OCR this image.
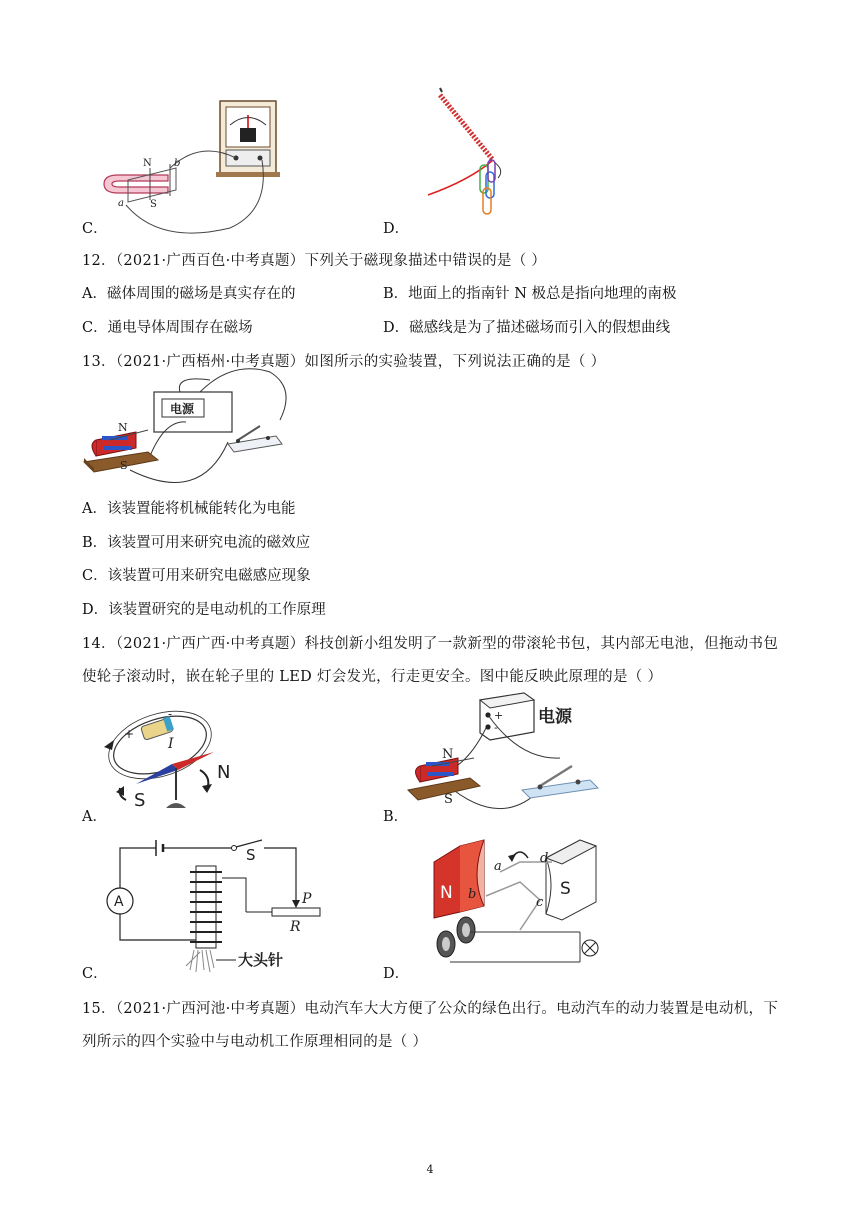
N b
S
a
C．	D．
12．（2021·广西百色·中考真题）下列关于磁现象描述中错误的是（ ）
A．磁体周围的磁场是真实存在的	B．地面上的指南针 N 极总是指向地理的南极
C．通电导体周围存在磁场	D．磁感线是为了描述磁场而引入的假想曲线
13．（2021·广西梧州·中考真题）如图所示的实验装置，下列说法正确的是（ ）
电源
N
S
A．该装置能将机械能转化为电能
B．该装置可用来研究电流的磁效应
C．该装置可用来研究电磁感应现象
D．该装置研究的是电动机的工作原理
14．（2021·广西广西·中考真题）科技创新小组发明了一款新型的带滚轮书包，其内部无电池，但拖动书包
使轮子滚动时，嵌在轮子里的 LED 灯会发光，行走更安全。图中能反映此原理的是（ ）
+
-
I
N
S
A．
+
-
电源
N
S
B．
A
S
P
R
大头针
C．
N	S
a
b
c
d
D．
15．（2021·广西河池·中考真题）电动汽车大大方便了公众的绿色出行。电动汽车的动力装置是电动机，下
列所示的四个实验中与电动机工作原理相同的是（ ）
4
